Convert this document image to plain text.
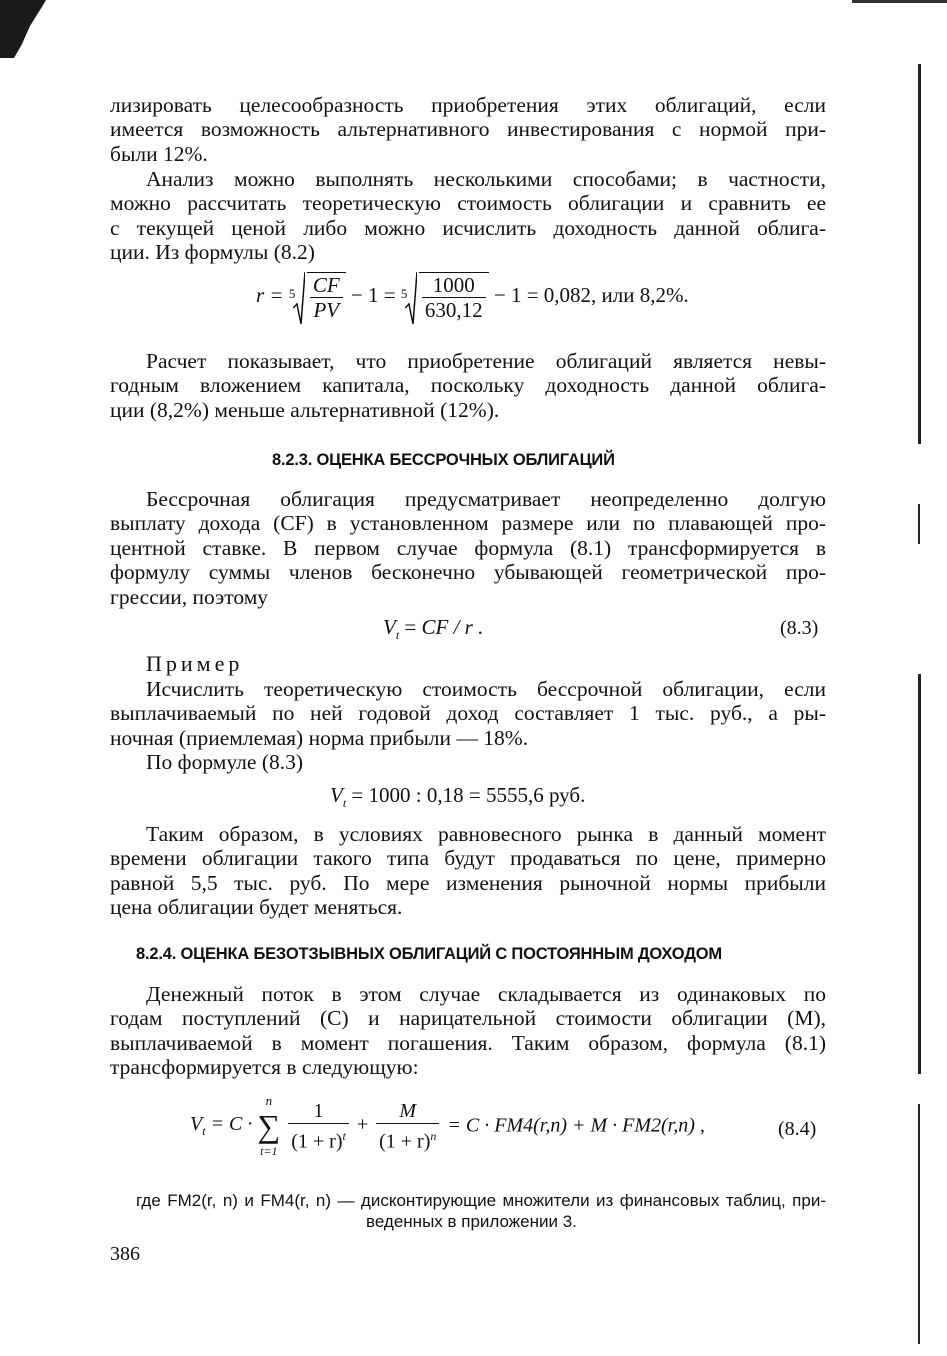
лизировать целесообразность приобретения этих облигаций, если
имеется возможность альтернативного инвестирования с нормой при-
были 12%.

Анализ можно выполнять несколькими способами; в частности,
можно рассчитать теоретическую стоимость облигации и сравнить ее
с текущей ценой либо можно исчислить доходность данной облига-
ции. Из формулы (8.2)

$r = 5 \frac{CF}{PV} - 1 = 5 \frac{1000}{630,12} - 1 = 0,082$, или 8,2%.

Расчет показывает, что приобретение облигаций является невы-
годным вложением капитала, поскольку доходность данной облига-
ции (8,2%) меньше альтернативной (12%).

8.2.3. ОЦЕНКА БЕССРОЧНЫХ ОБЛИГАЦИЙ

Бессрочная облигация предусматривает неопределенно долгую
выплату дохода (CF) в установленном размере или по плавающей про-
центной ставке. В первом случае формула (8.1) трансформируется в
формулу суммы членов бесконечно убывающей геометрической про-
грессии, поэтому

$V_t$ = CF / r .	(8.3)
Пример

Исчислить теоретическую стоимость бессрочной облигации, если
выплачиваемый по ней годовой доход составляет 1 тыс. руб., а ры-
ночная (приемлемая) норма прибыли — 18%.

По формуле (8.3)

$V_t = 1000$ : 0,18 = 5555,6 руб.

Таким образом, в условиях равновесного рынка в данный момент
времени облигации такого типа будут продаваться по цене, примерно
равной 5,5 тыс. руб. По мере изменения рыночной нормы прибыли
цена облигации будет меняться.

8.2.4. ОЦЕНКА БЕЗОТЗЫВНЫХ ОБЛИГАЦИЙ С ПОСТОЯННЫМ ДОХОДОМ

Денежный поток в этом случае складывается из одинаковых по
годам поступлений (C) и нарицательной стоимости облигации (M),
выплачиваемой в момент погашения. Таким образом, формула (8.1)
трансформируется в следующую:

$V_t = C$ ·
n
∑
t=1
$\frac{1}{(1 + r)^t} + \frac{M}{(1 + r)^n} = C \cdot FM4(r,n) + M \cdot FM2(r,n)$ ,	(8.4)

где FM2(r, n) и FM4(r, n) — дисконтирующие множители из финансовых таблиц, при-
веденных в приложении 3.

386
